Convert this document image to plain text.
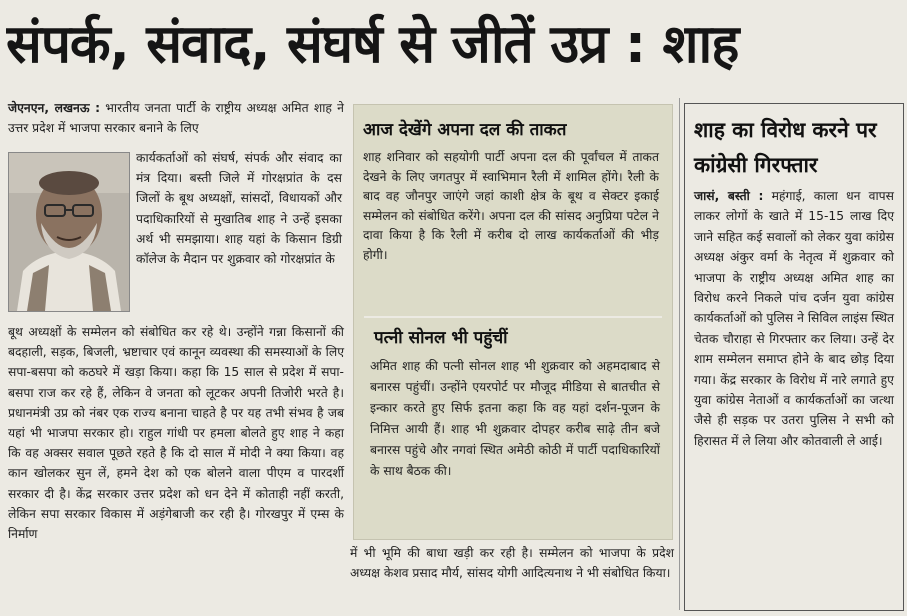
संपर्क, संवाद, संघर्ष से जीतें उप्र : शाह
जेएनएन, लखनऊ : भारतीय जनता पार्टी के राष्ट्रीय अध्यक्ष अमित शाह ने उत्तर प्रदेश में भाजपा सरकार बनाने के लिए
कार्यकर्ताओं को संघर्ष, संपर्क और संवाद का मंत्र दिया। बस्ती जिले में गोरक्षप्रांत के दस जिलों के बूथ अध्यक्षों, सांसदों, विधायकों और पदाधिकारियों से मुखातिब शाह ने उन्हें इसका अर्थ भी समझाया। शाह यहां के किसान डिग्री कॉलेज के मैदान पर शुक्रवार को गोरक्षप्रांत के
बूथ अध्यक्षों के सम्मेलन को संबोधित कर रहे थे। उन्होंने गन्ना किसानों की बदहाली, सड़क, बिजली, भ्रष्टाचार एवं कानून व्यवस्था की समस्याओं के लिए सपा-बसपा को कठघरे में खड़ा किया। कहा कि 15 साल से प्रदेश में सपा-बसपा राज कर रहे हैं, लेकिन वे जनता को लूटकर अपनी तिजोरी भरते है। प्रधानमंत्री उप्र को नंबर एक राज्य बनाना चाहते है पर यह तभी संभव है जब यहां भी भाजपा सरकार हो। राहुल गांधी पर हमला बोलते हुए शाह ने कहा कि वह अक्सर सवाल पूछते रहते है कि दो साल में मोदी ने क्या किया। वह कान खोलकर सुन लें, हमने देश को एक बोलने वाला पीएम व पारदर्शी सरकार दी है। केंद्र सरकार उत्तर प्रदेश को धन देने में कोताही नहीं करती, लेकिन सपा सरकार विकास में अड़ंगेबाजी कर रही है। गोरखपुर में एम्स के निर्माण
आज देखेंगे अपना दल की ताकत
शाह शनिवार को सहयोगी पार्टी अपना दल की पूर्वांचल में ताकत देखने के लिए जगतपुर में स्वाभिमान रैली में शामिल होंगे। रैली के बाद वह जौनपुर जाएंगे जहां काशी क्षेत्र के बूथ व सेक्टर इकाई सम्मेलन को संबोधित करेंगे। अपना दल की सांसद अनुप्रिया पटेल ने दावा किया है कि रैली में करीब दो लाख कार्यकर्ताओं की भीड़ होगी।
पत्नी सोनल भी पहुंचीं
अमित शाह की पत्नी सोनल शाह भी शुक्रवार को अहमदाबाद से बनारस पहुंचीं। उन्होंने एयरपोर्ट पर मौजूद मीडिया से बातचीत से इन्कार करते हुए सिर्फ इतना कहा कि वह यहां दर्शन-पूजन के निमित्त आयी हैं। शाह भी शुक्रवार दोपहर करीब साढ़े तीन बजे बनारस पहुंचे और नगवां स्थित अमेठी कोठी में पार्टी पदाधिकारियों के साथ बैठक की।
में भी भूमि की बाधा खड़ी कर रही है। सम्मेलन को भाजपा के प्रदेश अध्यक्ष केशव प्रसाद मौर्य, सांसद योगी आदित्यनाथ ने भी संबोधित किया।
शाह का विरोध करने पर कांग्रेसी गिरफ्तार
जासं, बस्ती : महंगाई, काला धन वापस लाकर लोगों के खाते में 15-15 लाख दिए जाने सहित कई सवालों को लेकर युवा कांग्रेस अध्यक्ष अंकुर वर्मा के नेतृत्व में शुक्रवार को भाजपा के राष्ट्रीय अध्यक्ष अमित शाह का विरोध करने निकले पांच दर्जन युवा कांग्रेस कार्यकर्ताओं को पुलिस ने सिविल लाइंस स्थित चेतक चौराहा से गिरफ्तार कर लिया। उन्हें देर शाम सम्मेलन समाप्त होने के बाद छोड़ दिया गया। केंद्र सरकार के विरोध में नारे लगाते हुए युवा कांग्रेस नेताओं व कार्यकर्ताओं का जत्था जैसे ही सड़क पर उतरा पुलिस ने सभी को हिरासत में ले लिया और कोतवाली ले आई।
